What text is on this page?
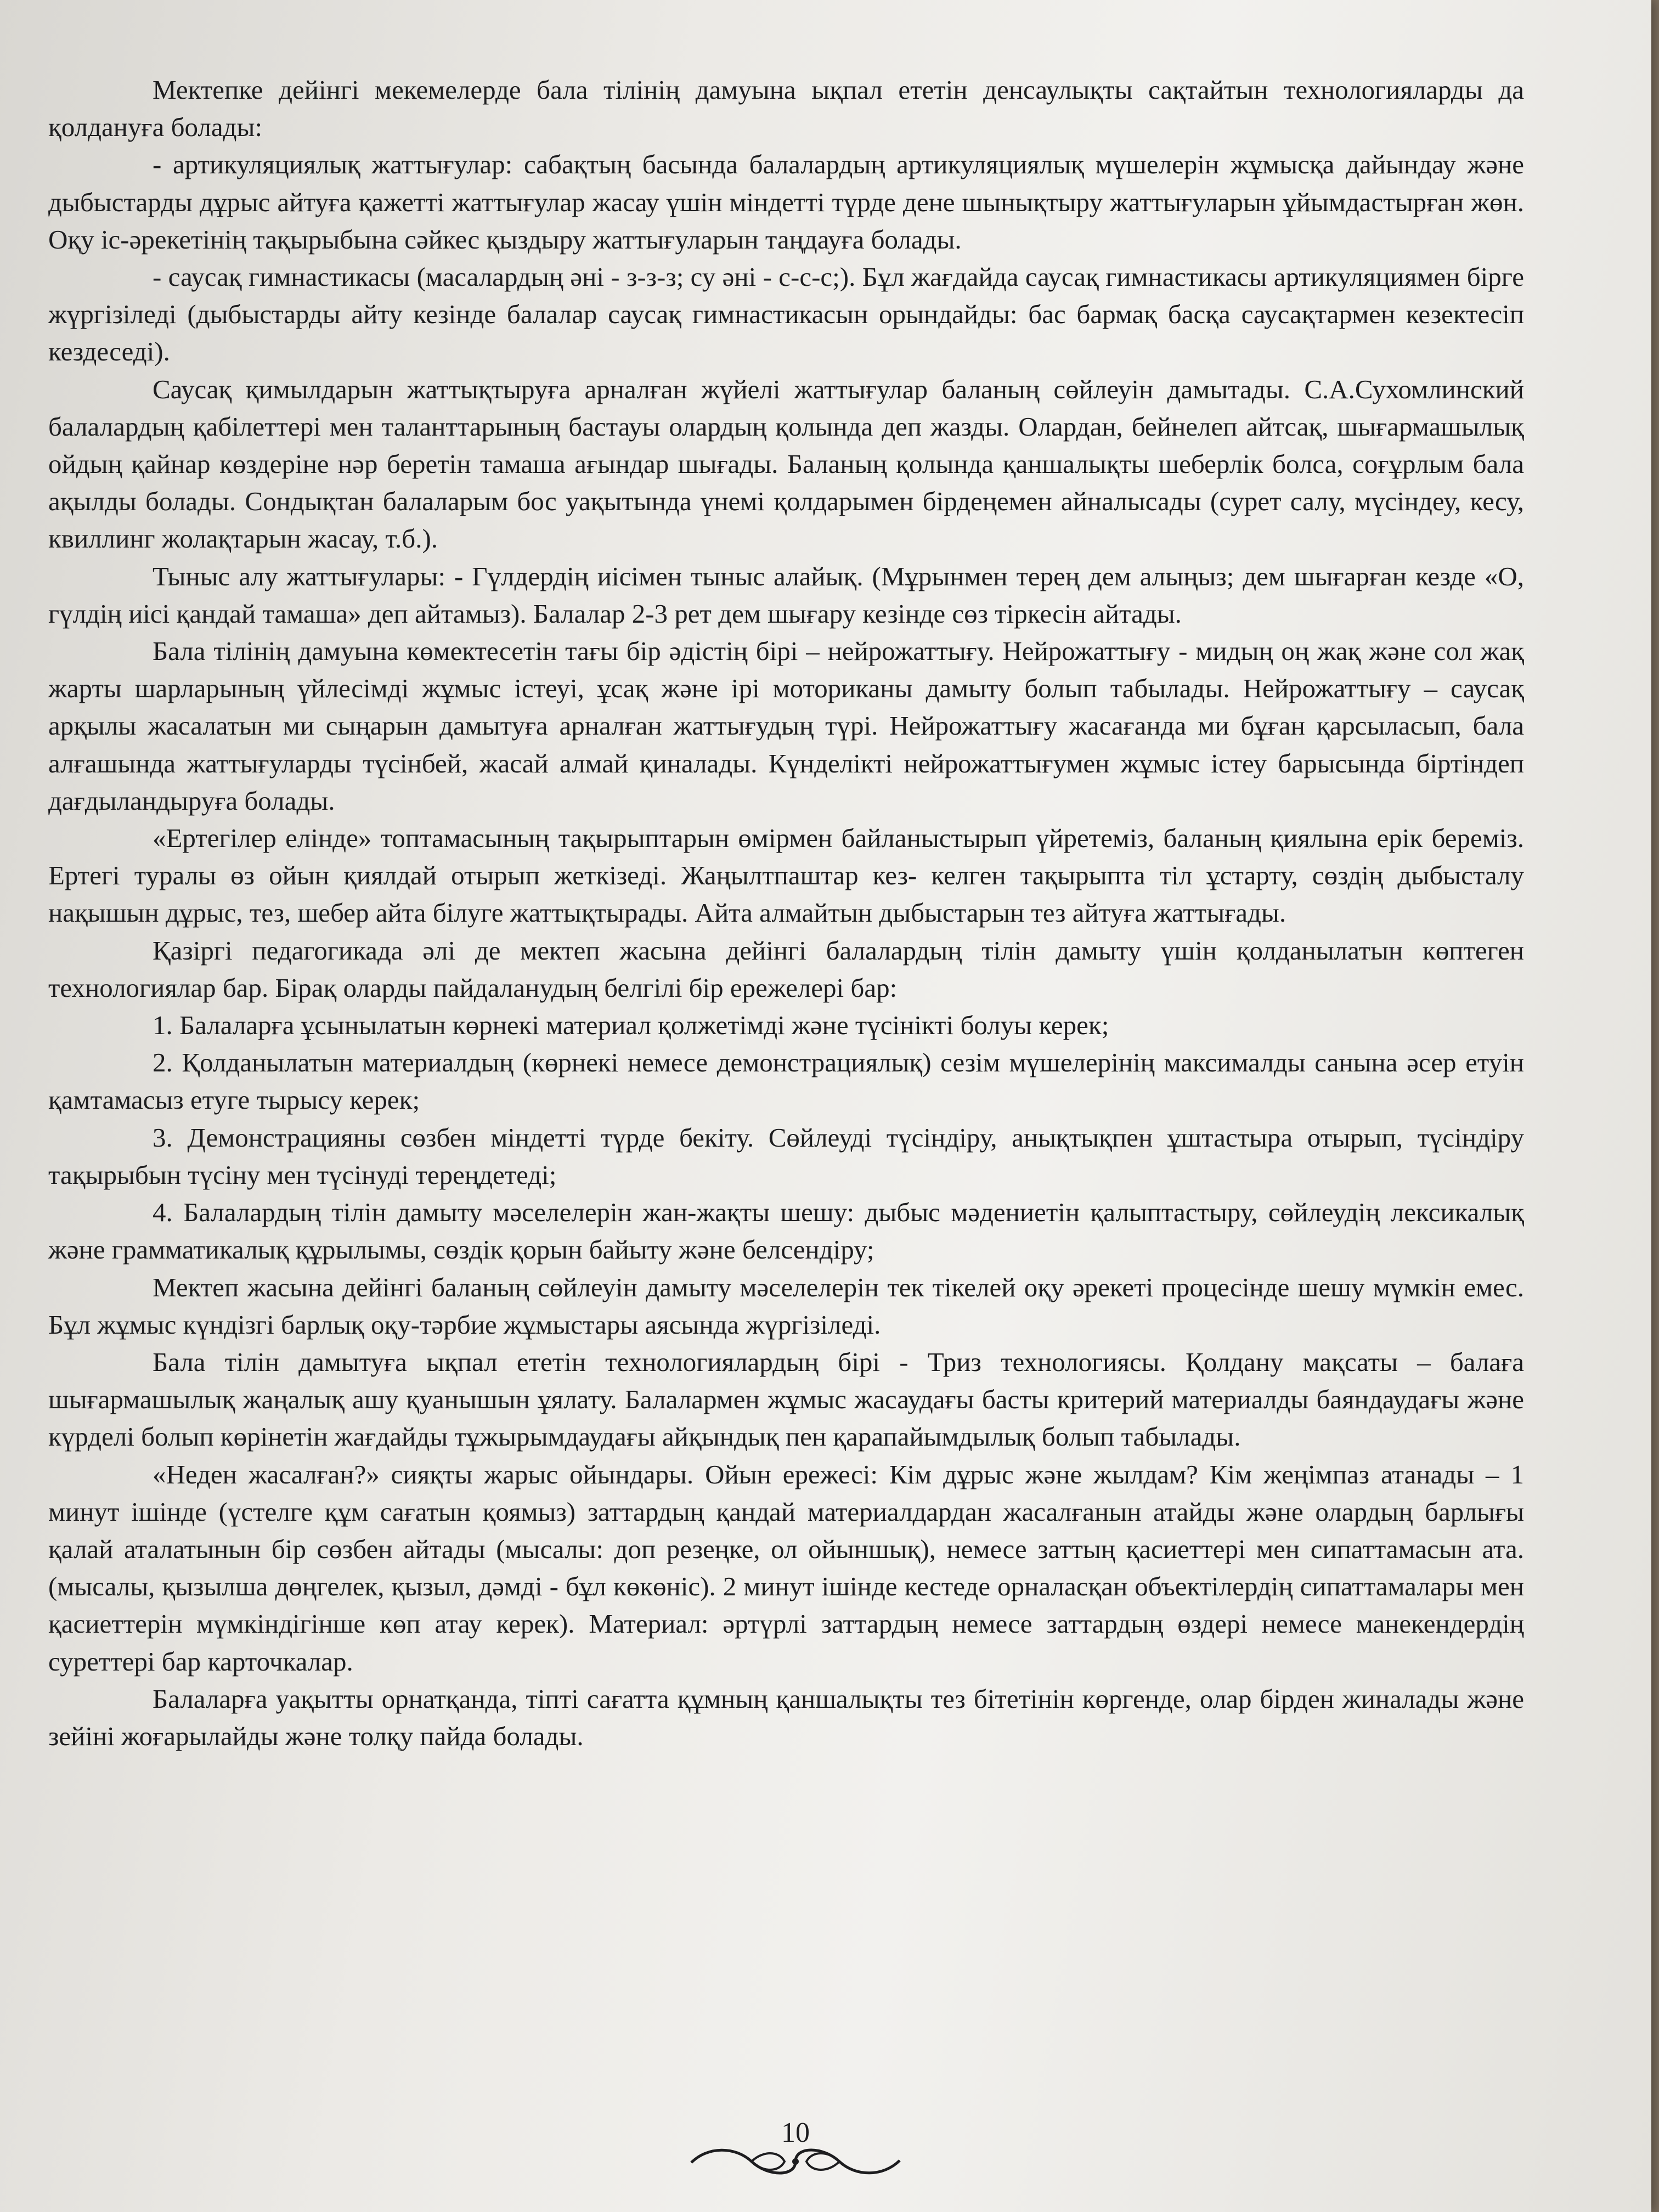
Мектепке дейінгі мекемелерде бала тілінің дамуына ықпал ететін денсаулықты сақтайтын технологияларды да қолдануға болады:

- артикуляциялық жаттығулар: сабақтың басында балалардың артикуляциялық мүшелерін жұмысқа дайындау және дыбыстарды дұрыс айтуға қажетті жаттығулар жасау үшін міндетті түрде дене шынықтыру жаттығуларын ұйымдастырған жөн. Оқу іс-әрекетінің тақырыбына сәйкес қыздыру жаттығуларын таңдауға болады.

- саусақ гимнастикасы (масалардың әні - з-з-з; су әні - с-с-с;). Бұл жағдайда саусақ гимнастикасы артикуляциямен бірге жүргізіледі (дыбыстарды айту кезінде балалар саусақ гимнастикасын орындайды: бас бармақ басқа саусақтармен кезектесіп кездеседі).

Саусақ қимылдарын жаттықтыруға арналған жүйелі жаттығулар баланың сөйлеуін дамытады. С.А.Сухомлинский балалардың қабілеттері мен таланттарының бастауы олардың қолында деп жазды. Олардан, бейнелеп айтсақ, шығармашылық ойдың қайнар көздеріне нәр беретін тамаша ағындар шығады. Баланың қолында қаншалықты шеберлік болса, соғұрлым бала ақылды болады. Сондықтан балаларым бос уақытында үнемі қолдарымен бірдеңемен айналысады (сурет салу, мүсіндеу, кесу, квиллинг жолақтарын жасау, т.б.).

Тыныс алу жаттығулары: - Гүлдердің иісімен тыныс алайық. (Мұрынмен терең дем алыңыз; дем шығарған кезде «О, гүлдің иісі қандай тамаша» деп айтамыз). Балалар 2-3 рет дем шығару кезінде сөз тіркесін айтады.

Бала тілінің дамуына көмектесетін тағы бір әдістің бірі – нейрожаттығу. Нейрожаттығу - мидың оң жақ және сол жақ жарты шарларының үйлесімді жұмыс істеуі, ұсақ және ірі моториканы дамыту болып табылады. Нейрожаттығу – саусақ арқылы жасалатын ми сыңарын дамытуға арналған жаттығудың түрі. Нейрожаттығу жасағанда ми бұған қарсыласып, бала алғашында жаттығуларды түсінбей, жасай алмай қиналады. Күнделікті нейрожаттығумен жұмыс істеу барысында біртіндеп дағдыландыруға болады.

«Ертегілер елінде» топтамасының тақырыптарын өмірмен байланыстырып үйретеміз, баланың қиялына ерік береміз. Ертегі туралы өз ойын қиялдай отырып жеткізеді. Жаңылтпаштар кез- келген тақырыпта тіл ұстарту, сөздің дыбысталу нақышын дұрыс, тез, шебер айта білуге жаттықтырады. Айта алмайтын дыбыстарын тез айтуға жаттығады.

Қазіргі педагогикада әлі де мектеп жасына дейінгі балалардың тілін дамыту үшін қолданылатын көптеген технологиялар бар. Бірақ оларды пайдаланудың белгілі бір ережелері бар:

1. Балаларға ұсынылатын көрнекі материал қолжетімді және түсінікті болуы керек;

2. Қолданылатын материалдың (көрнекі немесе демонстрациялық) сезім мүшелерінің максималды санына әсер етуін қамтамасыз етуге тырысу керек;

3. Демонстрацияны сөзбен міндетті түрде бекіту. Сөйлеуді түсіндіру, анықтықпен ұштастыра отырып, түсіндіру тақырыбын түсіну мен түсінуді тереңдетеді;

4. Балалардың тілін дамыту мәселелерін жан-жақты шешу: дыбыс мәдениетін қалыптастыру, сөйлеудің лексикалық және грамматикалық құрылымы, сөздік қорын байыту және белсендіру;

Мектеп жасына дейінгі баланың сөйлеуін дамыту мәселелерін тек тікелей оқу әрекеті процесінде шешу мүмкін емес. Бұл жұмыс күндізгі барлық оқу-тәрбие жұмыстары аясында жүргізіледі.

Бала тілін дамытуға ықпал ететін технологиялардың бірі - Триз технологиясы. Қолдану мақсаты – балаға шығармашылық жаңалық ашу қуанышын ұялату. Балалармен жұмыс жасаудағы басты критерий материалды баяндаудағы және күрделі болып көрінетін жағдайды тұжырымдаудағы айқындық пен қарапайымдылық болып табылады.

«Неден жасалған?» сияқты жарыс ойындары. Ойын ережесі: Кім дұрыс және жылдам? Кім жеңімпаз атанады – 1 минут ішінде (үстелге құм сағатын қоямыз) заттардың қандай материалдардан жасалғанын атайды және олардың барлығы қалай аталатынын бір сөзбен айтады (мысалы: доп резеңке, ол ойыншық), немесе заттың қасиеттері мен сипаттамасын ата. (мысалы, қызылша дөңгелек, қызыл, дәмді - бұл көкөніс). 2 минут ішінде кестеде орналасқан объектілердің сипаттамалары мен қасиеттерін мүмкіндігінше көп атау керек). Материал: әртүрлі заттардың немесе заттардың өздері немесе манекендердің суреттері бар карточкалар.

Балаларға уақытты орнатқанда, тіпті сағатта құмның қаншалықты тез бітетінін көргенде, олар бірден жиналады және зейіні жоғарылайды және толқу пайда болады.

10
